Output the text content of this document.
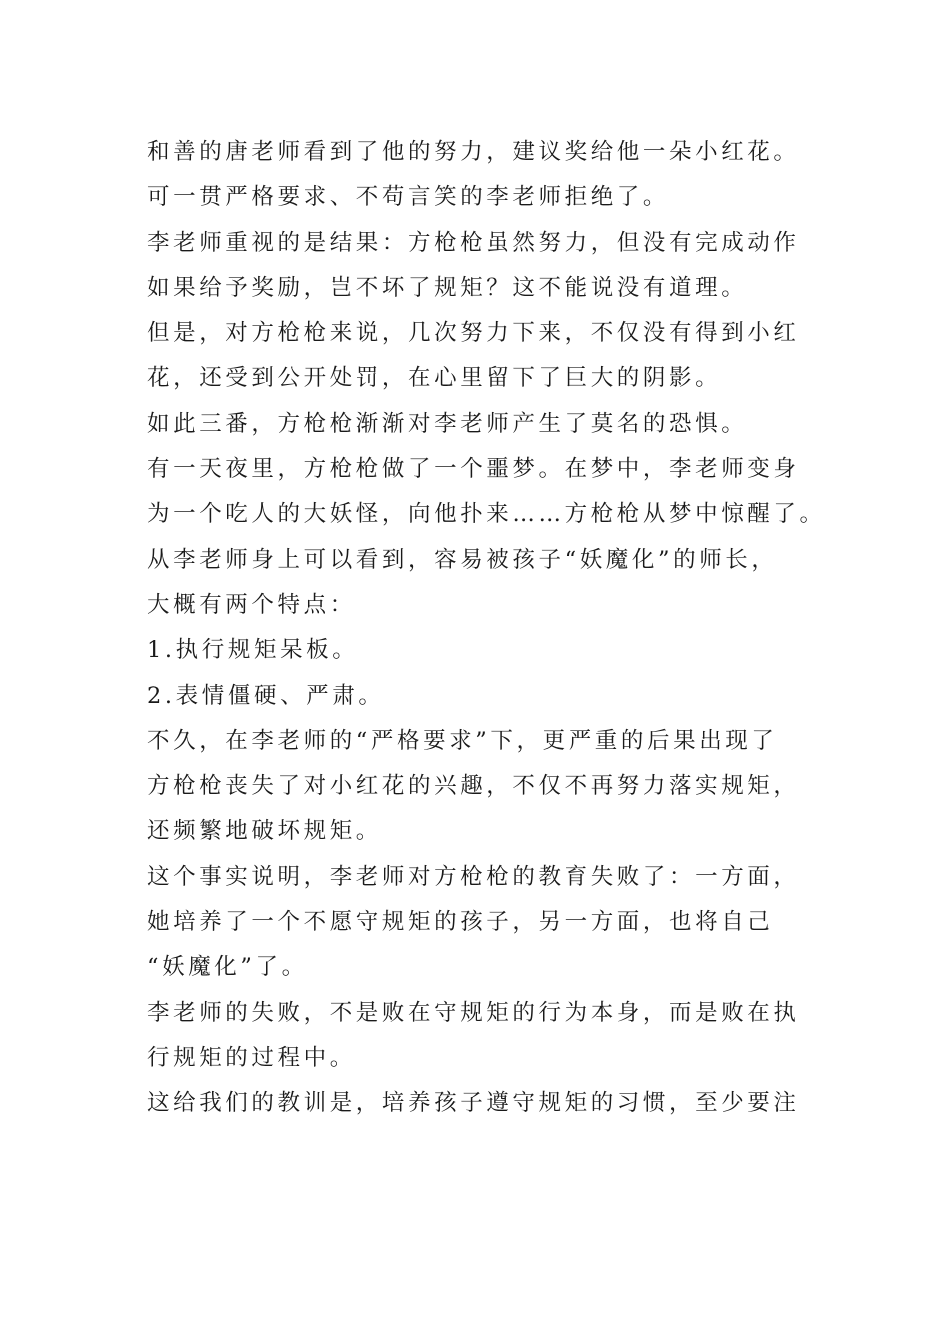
和善的唐老师看到了他的努力，建议奖给他一朵小红花。
可一贯严格要求、不苟言笑的李老师拒绝了。
李老师重视的是结果：方枪枪虽然努力，但没有完成动作
如果给予奖励，岂不坏了规矩？这不能说没有道理。
但是，对方枪枪来说，几次努力下来，不仅没有得到小红
花，还受到公开处罚，在心里留下了巨大的阴影。
如此三番，方枪枪渐渐对李老师产生了莫名的恐惧。
有一天夜里，方枪枪做了一个噩梦。在梦中，李老师变身
为一个吃人的大妖怪，向他扑来……方枪枪从梦中惊醒了。
从李老师身上可以看到，容易被孩子“妖魔化”的师长，
大概有两个特点：
1.执行规矩呆板。
2.表情僵硬、严肃。
不久，在李老师的“严格要求”下，更严重的后果出现了
方枪枪丧失了对小红花的兴趣，不仅不再努力落实规矩，
还频繁地破坏规矩。
这个事实说明，李老师对方枪枪的教育失败了：一方面，
她培养了一个不愿守规矩的孩子，另一方面，也将自己
“妖魔化”了。
李老师的失败，不是败在守规矩的行为本身，而是败在执
行规矩的过程中。
这给我们的教训是，培养孩子遵守规矩的习惯，至少要注
